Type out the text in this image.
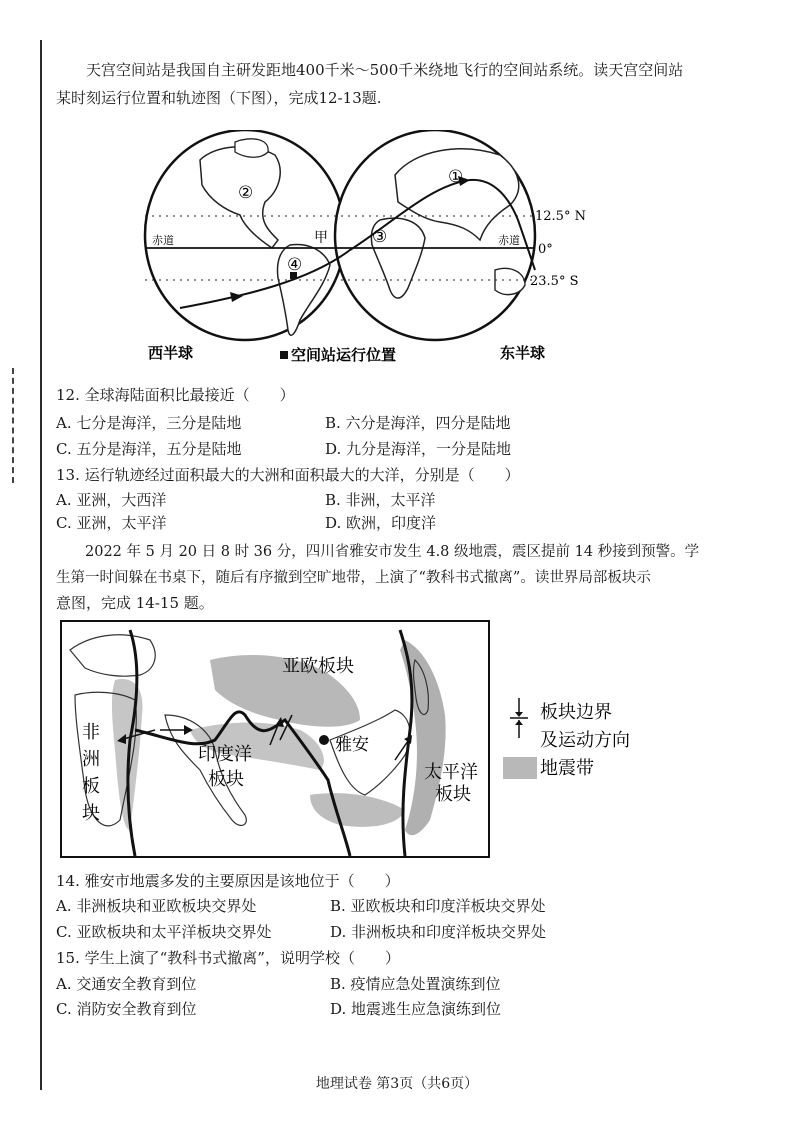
天宫空间站是我国自主研发距地400千米～500千米绕地飞行的空间站系统。读天宫空间站

某时刻运行位置和轨迹图（下图），完成12-13题.

①
②
③
④
甲
赤道	赤道
12.5° N
0°
23.5° S
西半球	空间站运行位置	东半球

12. 全球海陆面积比最接近（　　）

A. 七分是海洋，三分是陆地	B. 六分是海洋，四分是陆地

C. 五分是海洋，五分是陆地	D. 九分是海洋，一分是陆地

13. 运行轨迹经过面积最大的大洲和面积最大的大洋，分别是（　　）

A. 亚洲，大西洋	B. 非洲，太平洋

C. 亚洲，太平洋	D. 欧洲，印度洋

2022 年 5 月 20 日 8 时 36 分，四川省雅安市发生 4.8 级地震，震区提前 14 秒接到预警。学

生第一时间躲在书桌下，随后有序撤到空旷地带，上演了“教科书式撤离”。读世界局部板块示

意图，完成 14-15 题。

亚欧板块
非
洲
板
块
印度洋
板块
雅安
太平洋
板块
板块边界
及运动方向
地震带

14. 雅安市地震多发的主要原因是该地位于（　　）

A. 非洲板块和亚欧板块交界处	B. 亚欧板块和印度洋板块交界处

C. 亚欧板块和太平洋板块交界处	D. 非洲板块和印度洋板块交界处

15. 学生上演了“教科书式撤离”，说明学校（　　）

A. 交通安全教育到位	B. 疫情应急处置演练到位

C. 消防安全教育到位	D. 地震逃生应急演练到位

地理试卷 第3页（共6页）
